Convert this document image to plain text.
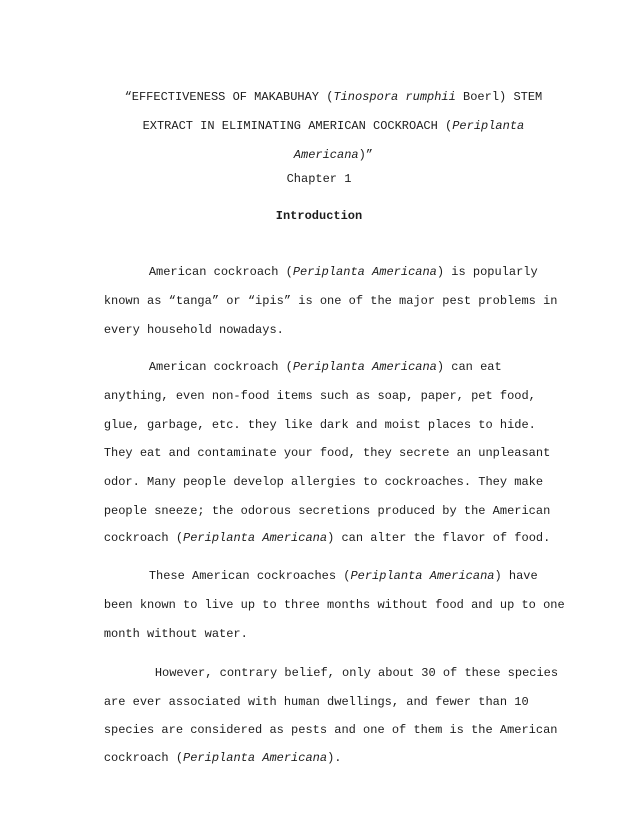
“EFFECTIVENESS OF MAKABUHAY (Tinospora rumphii Boerl) STEM

EXTRACT IN ELIMINATING AMERICAN COCKROACH (Periplanta

Americana)”

Chapter 1
Introduction

American cockroach (Periplanta Americana) is popularly

known as “tanga” or “ipis” is one of the major pest problems in

every household nowadays.

American cockroach (Periplanta Americana) can eat

anything, even non-food items such as soap, paper, pet food,

glue, garbage, etc. they like dark and moist places to hide.

They eat and contaminate your food, they secrete an unpleasant

odor. Many people develop allergies to cockroaches. They make

people sneeze; the odorous secretions produced by the American

cockroach (Periplanta Americana) can alter the flavor of food.

These American cockroaches (Periplanta Americana) have

been known to live up to three months without food and up to one

month without water.

However, contrary belief, only about 30 of these species

are ever associated with human dwellings, and fewer than 10

species are considered as pests and one of them is the American

cockroach (Periplanta Americana).
